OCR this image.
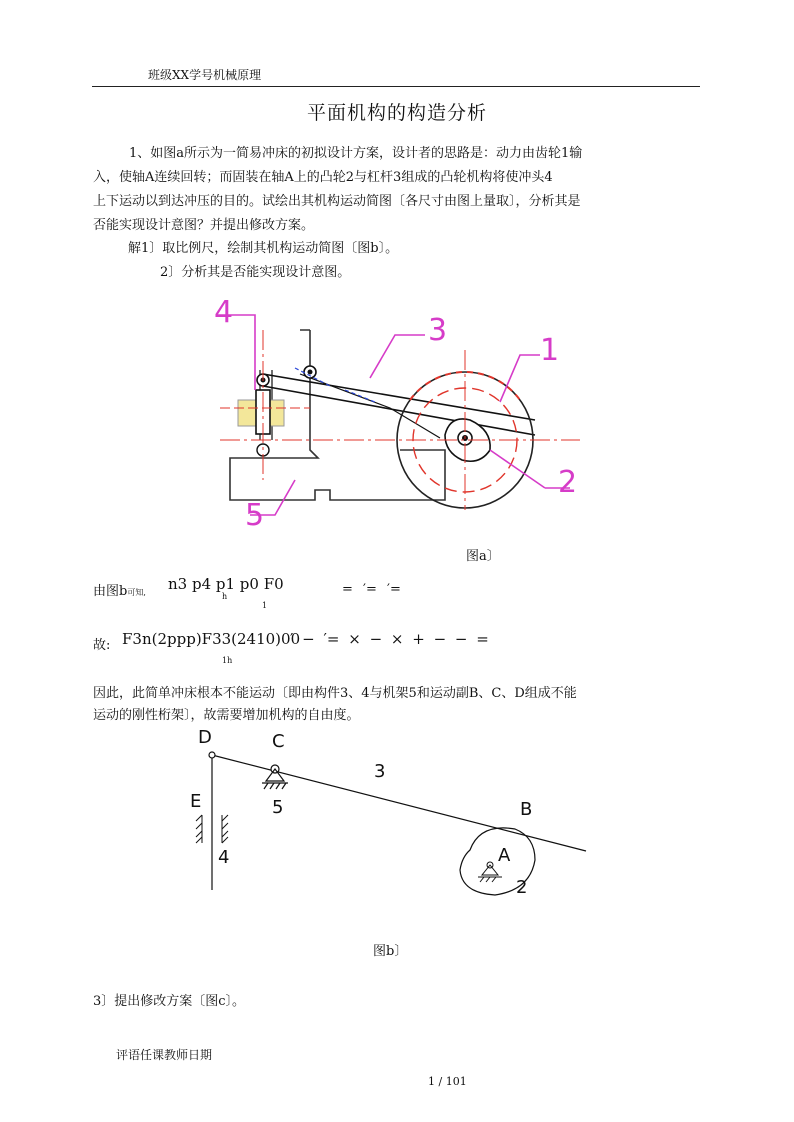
班级XX学号机械原理
平面机构的构造分析
1、如图a所示为一简易冲床的初拟设计方案，设计者的思路是：动力由齿轮1输
入，使轴A连续回转；而固装在轴A上的凸轮2与杠杆3组成的凸轮机构将使冲头4
上下运动以到达冲压的目的。试绘出其机构运动简图〔各尺寸由图上量取〕，分析其是
否能实现设计意图？并提出修改方案。
解1〕取比例尺，绘制其机构运动简图〔图b〕。
2〕分析其是否能实现设计意图。
4
3
1
2
5
图a〕
由图b可知, n3 p4 p1 p0 F0
h
1
= ′= ′=
故: F3n(2ppp)F33(2410)00
1h
′ − ′= × − × + − − =
因此，此简单冲床根本不能运动〔即由构件3、4与机架5和运动副B、C、D组成不能
运动的刚性桁架〕，故需要增加机构的自由度。
D	C
3
E	5
4
B
A
2
图b〕
3〕提出修改方案〔图c〕。
评语任课教师日期
1 / 101
